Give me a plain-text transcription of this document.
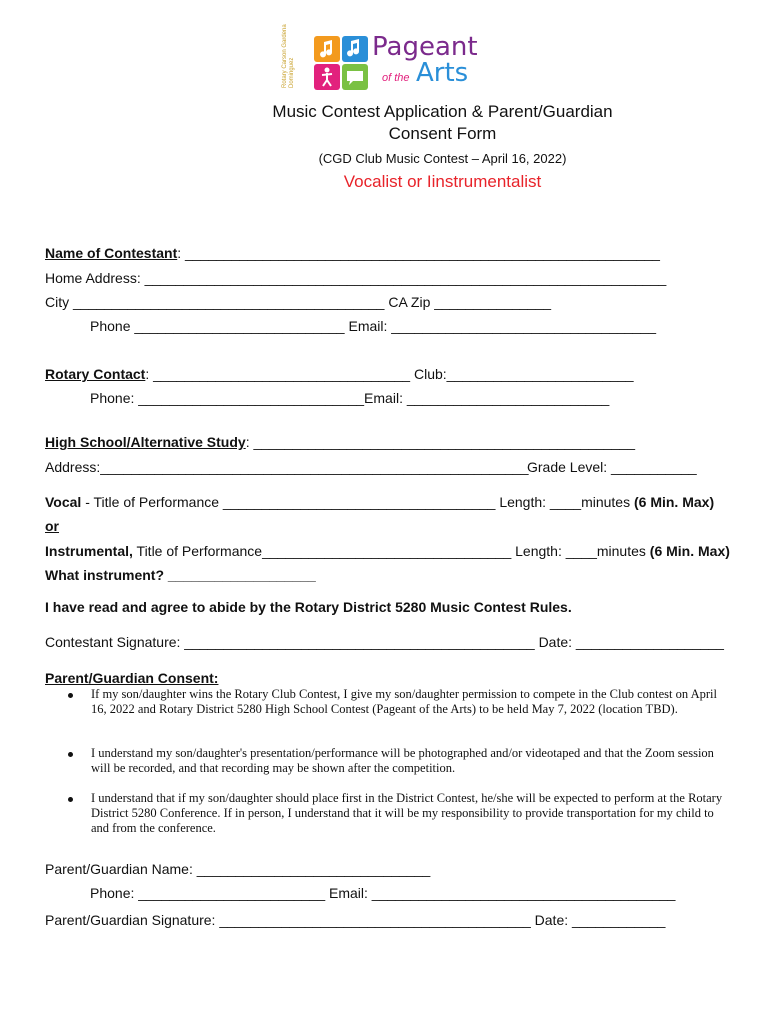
Rotary Carson Gardena Dominguez
Pageant
of the Arts
Music Contest Application & Parent/Guardian
Consent Form
(CGD Club Music Contest – April 16, 2022)
Vocalist or Iinstrumentalist
Name of Contestant: _____________________________________________________________
Home Address: ___________________________________________________________________
City ________________________________________ CA Zip _______________
Phone ___________________________ Email: __________________________________
Rotary Contact: _________________________________ Club:________________________
Phone: _____________________________Email: __________________________
High School/Alternative Study: _________________________________________________
Address:_______________________________________________________
Grade Level: ___________
Vocal - Title of Performance ___________________________________ Length: ____minutes (6 Min. Max)
or
Instrumental, Title of Performance________________________________ Length: ____minutes (6 Min. Max)
What instrument? ___________________
I have read and agree to abide by the Rotary District 5280 Music Contest Rules.
Contestant Signature: _____________________________________________ Date: ___________________
Parent/Guardian Consent:
If my son/daughter wins the Rotary Club Contest, I give my son/daughter permission to compete in the Club contest on April 16, 2022 and Rotary District 5280 High School Contest (Pageant of the Arts) to be held May 7, 2022 (location TBD).
I understand my son/daughter's presentation/performance will be photographed and/or videotaped and that the Zoom session will be recorded, and that recording may be shown after the competition.
I understand that if my son/daughter should place first in the District Contest, he/she will be expected to perform at the Rotary District 5280 Conference. If in person, I understand that it will be my responsibility to provide transportation for my child to and from the conference.
Parent/Guardian Name: ______________________________
Phone: ________________________ Email: _______________________________________
Parent/Guardian Signature: ________________________________________ Date: ____________
